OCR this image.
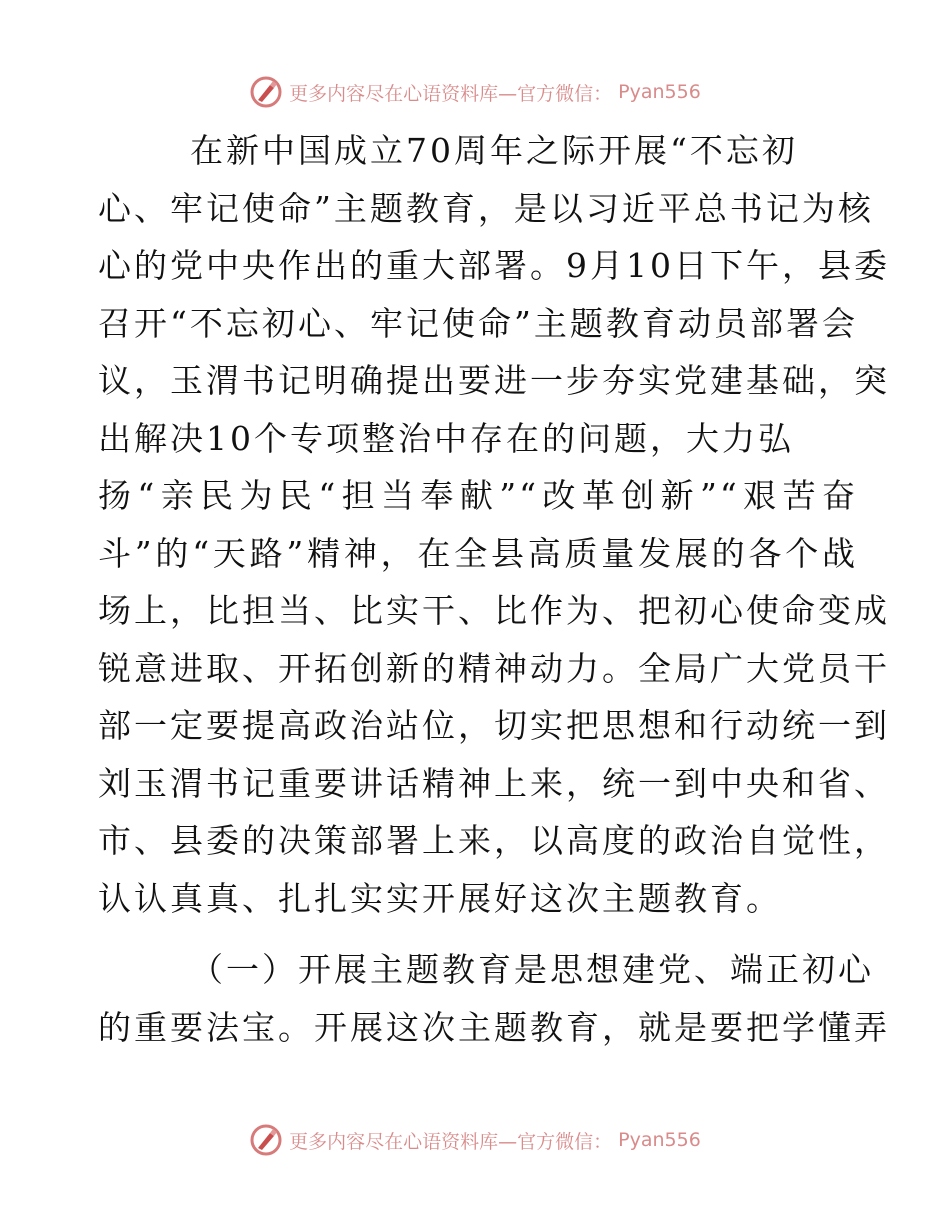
更多内容尽在心语资料库—官方微信： Pyan556
在新中国成立70周年之际开展“不忘初
心、牢记使命”主题教育，是以习近平总书记为核
心的党中央作出的重大部署。9月10日下午，县委
召开“不忘初心、牢记使命”主题教育动员部署会
议，玉渭书记明确提出要进一步夯实党建基础，突
出解决10个专项整治中存在的问题，大力弘
扬“亲民为民“担当奉献”“改革创新”“艰苦奋
斗”的“天路”精神，在全县高质量发展的各个战
场上，比担当、比实干、比作为、把初心使命变成
锐意进取、开拓创新的精神动力。全局广大党员干
部一定要提高政治站位，切实把思想和行动统一到
刘玉渭书记重要讲话精神上来，统一到中央和省、
市、县委的决策部署上来，以高度的政治自觉性，
认认真真、扎扎实实开展好这次主题教育。
（一）开展主题教育是思想建党、端正初心
的重要法宝。开展这次主题教育，就是要把学懂弄
更多内容尽在心语资料库—官方微信： Pyan556
